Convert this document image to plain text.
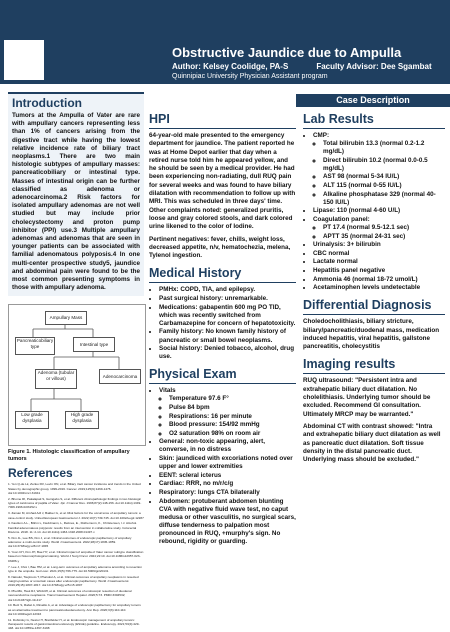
Obstructive Jaundice due to Ampulla
Author: Kelsey Coolidge, PA-S	Faculty Advisor: Dee Sgambat
Quinnipiac University Physician Assistant program
Introduction

Tumors at the Ampulla of Vater are rare with ampullary cancers representing less than 1% of cancers arising from the digestive tract while having the lowest relative incidence rate of biliary tract neoplasms.1 There are two main histologic subtypes of ampullary masses: pancreaticobiliary or intestinal type. Masses of intestinal origin can be further classified as adenoma or adenocarcinoma.2 Risk factors for isolated ampullary adenomas are not well studied but may include prior cholecystectomy and proton pump inhibitor (PPI) use.3 Multiple ampullary adenomas and adenomas that are seen in younger patients can be associated with familial adenomatous polyposis.4 In one multi-center prospective study5, jaundice and abdominal pain were found to be the most common presenting symptoms in those with ampullary adenoma.

Ampullary Mass
Pancreaticobiliary type	Intestinal type
Adenoma (tubular or villous)	Adenocarcinoma
Low grade dysplasia
High grade dysplasia
Figure 1. Histologic classification of ampullary tumors
References
1. Yen Q-de Lk, Zenko FR, Levin ON, et al. Biliary tract cancer incidence and trends in the United States by demographic group, 1999-2016. Cancer. 2019;125(9):1469-1476. doi:10.1002/cncr.31941
2. Bhome RI, Pakalapati S, Guingabo S, et al. Different clinicopathologic findings in two histologic types of carcinoma of papilla of Vater. Jpn J Cancer Res. 1996;87(2):148-156. doi:10.1111/j.1349-7006.1996.tb03152.x
3. Zaman M, Arshad Adl J, Bakker G, et al. Risk factors for the occurrence of ampullary tumors: a case-control study. United European Gastroenterol J. 2022;10(7):739-745. doi:10.1002/ueg2.12287
4. Kautium A.L., Böhm L, Fieddmann, L, Reitnes, E., Rothemunn, K., Christensen, I.J. Alcohol. Familial adenomatous polyposis: results from an intervention in collaborative study. Colorectal Dis/ems. 2018. 11: 2-14. doi:10.1111/j.1463-1318.2008.01497.x
5. Kim JL, Lee BS, Kim J, et al. Clinical outcomes of endoscopic papillectomy of ampullary adenoma: a multi-centre study. World J Gastroenterol. 2022;28(17):1845-1859. doi:10.3748/wjg.v28.i17.1845
6. Yoon CH, Kim JH, Bae HY, et al. Clinical impact of ampulla of Vater cancer subtype classification based on histomorphological staining. World J Surg Oncol. 2024;22:10. doi:10.1186/s12957-023-03286-y
7. Lee J, Choi I, Bae HM, et al. Long-term outcomes of ampullary adenoma according to resection type in the ampulla. Gut Liver. 2021;15(5):766-775. doi:10.5009/gnl20131
8. Natsuki, Tsujimoto T, Pharukul A, et al. Clinical outcomes of ampullary neoplasms in resected margin-positive or uncertain cases after endoscopic papillectomy. World J Gastroenterol. 2019;25(15):1807-1817. doi:10.3748/wjg.v25.i15.1807
9. Pheriffé, Haut RJ, Wirdcliff, et al. Clinical outcomes of endoscopic resection of duodenal neuroendocrine neoplasms. Transl Gastroenterol Hepatol. 2020;5:73. PMID:3304532; doi:10.21037/tgh-19-417
10. Betz S, Rabel A, Rinaldo A, et al. Advantage of endoscopic papillectomy for ampullary tumors as an alternative treatment to pancreaticoduodenectomy. Ann Rep. 2020;3(3):110-110. doi:10.1002/ags3.12316
11. Dubinsky G, Nestor H, Breitfelder H, et al. Endoscopic management of ampullary tumors: therapeutic results of gastrointestinal endoscopy (ESGE) guideline. Endoscopy. 2021;53(4):429-448. doi:10.1055/a-1397-3198
Case Description
HPI

64-year-old male presented to the emergency department for jaundice. The patient reported he was at Home Depot earlier that day when a retired nurse told him he appeared yellow, and he should be seen by a medical provider. He had been experiencing non-radiating, dull RUQ pain for several weeks and was found to have biliary dilatation with recommendation to follow up with MRI. This was scheduled in three days' time. Other complaints noted: generalized pruritis, loose and gray colored stools, and dark colored urine likened to the color of Iodine.

Pertinent negatives: fever, chills, weight loss, decreased appetite, n/v, hematochezia, melena, Tylenol ingestion.

Medical History
• PMHx: COPD, TIA, and epilepsy.
• Past surgical history: unremarkable.
• Medications: gabapentin 600 mg PO TID, which was recently switched from Carbamazepine for concern of hepatotoxicity.
• Family history: No known family history of pancreatic or small bowel neoplasms.
• Social history: Denied tobacco, alcohol, drug use.
Physical Exam
• Vitals
◦ Temperature 97.6 F°
◦ Pulse 84 bpm
◦ Respirations: 16 per minute
◦ Blood pressure: 154/92 mmHg
◦ O2 saturation 98% on room air
• General: non-toxic appearing, alert, converse, in no distress
• Skin: jaundiced with excoriations noted over upper and lower extremities
• EENT: scleral icterus
• Cardiac: RRR, no m/r/c/g
• Respiratory: lungs CTA bilaterally
• Abdomen: protuberant abdomen blunting CVA with negative fluid wave test, no caput medusa or other vasculitis, no surgical scars, diffuse tenderness to palpation most pronounced in RUQ, +murphy's sign. No rebound, rigidity or guarding.
Lab Results
• CMP:
◦ Total bilirubin 13.3 (normal 0.2-1.2 mg/dL)
◦ Direct bilirubin 10.2 (normal 0.0-0.5 mg/dL)
◦ AST 98 (normal 5-34 IU/L)
◦ ALT 115 (normal 0-55 IU/L)
◦ Alkaline phosphatase 329 (normal 40-150 IU/L)
• Lipase: 110 (normal 4-60 U/L)
• Coagulation panel:
◦ PT 17.4 (normal 9.5-12.1 sec)
◦ APTT 35 (normal 24-31 sec)
• Urinalysis: 3+ bilirubin
• CBC normal
• Lactate normal
• Hepatitis panel negative
• Ammonia 46 (normal 18-72 umol/L)
• Acetaminophen levels undetectable
Differential Diagnosis

Choledocholithiasis, biliary stricture, biliary/pancreatic/duodenal mass, medication induced hepatitis, viral hepatitis, gallstone pancreatitis, cholecystitis

Imaging results

RUQ ultrasound: "Persistent intra and extrahepatic biliary duct dilatation. No cholelithiasis. Underlying tumor should be excluded. Recommend GI consultation. Ultimately MRCP may be warranted."

Abdominal CT with contrast showed: "Intra and extrahepatic biliary duct dilatation as well as pancreatic duct dilatation. Soft tissue density in the distal pancreatic duct. Underlying mass should be excluded."
